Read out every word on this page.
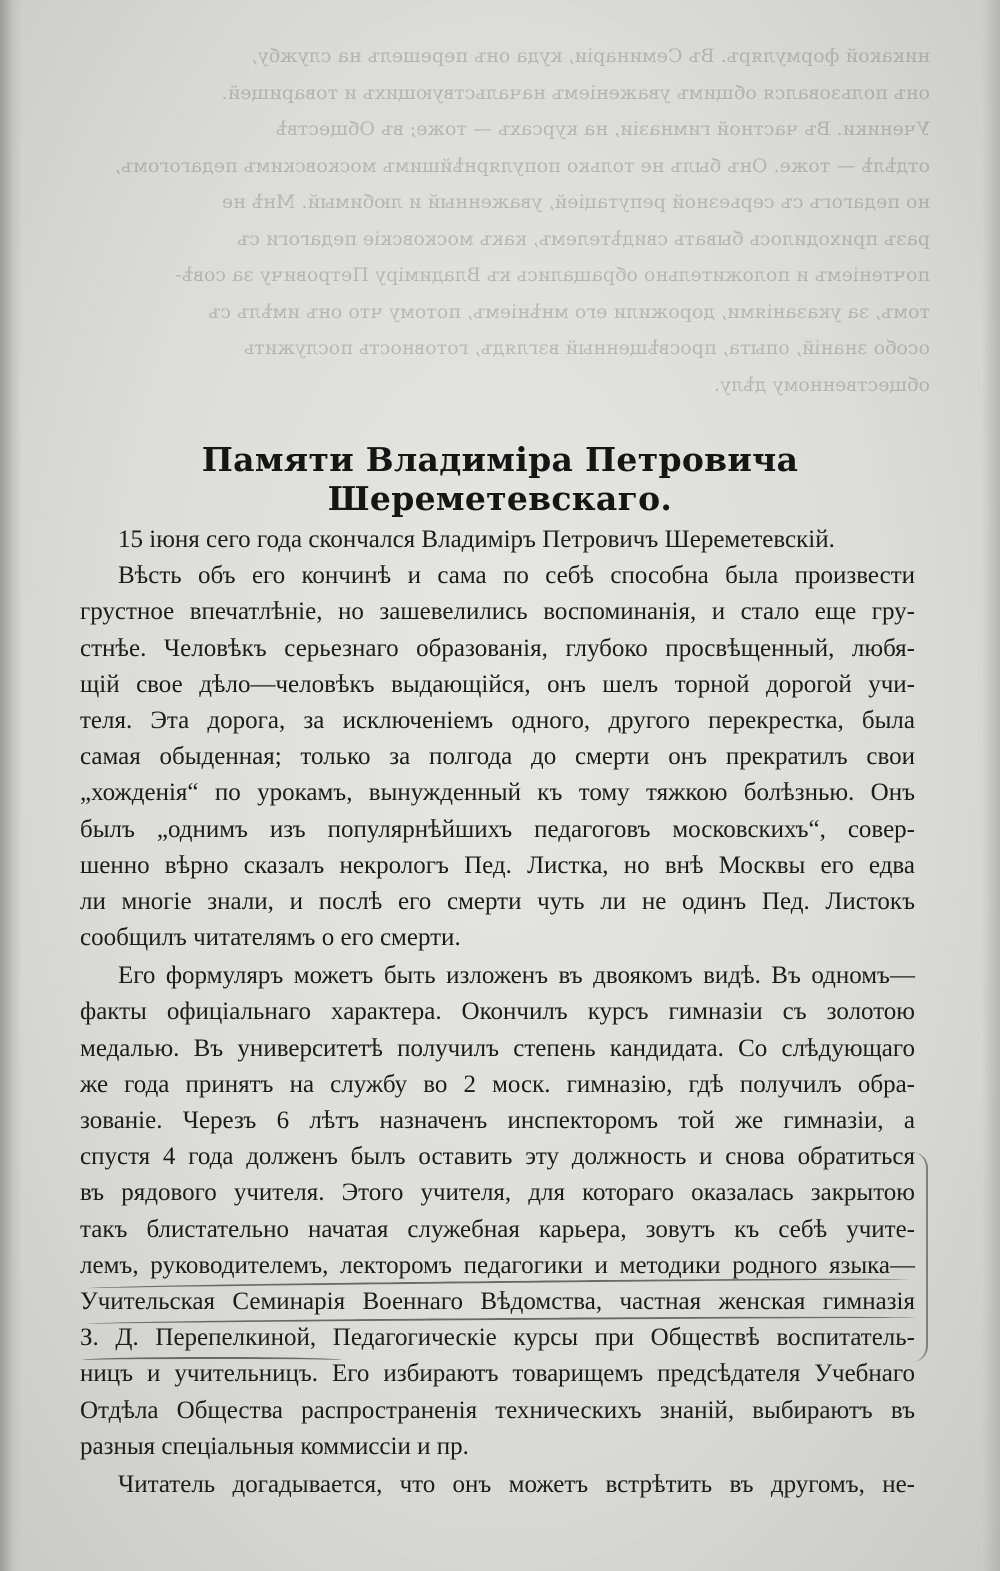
никакой формуляръ. Въ Семинаріи, куда онъ перешелъ на службу,
онъ пользовался общимъ уваженіемъ начальствующихъ и товарищей.
Ученики. Въ частной гимназіи, на курсахъ — тоже; въ Обществѣ
отдѣлѣ — тоже. Онъ былъ не только популярнѣйшимъ московскимъ педагогомъ,
но педагогъ съ серьезной репутаціей, уваженный и любимый. Мнѣ не
разъ приходилось бывать свидѣтелемъ, какъ московскіе педагоги съ
почтеніемъ и положительно обращались къ Владиміру Петровичу за совѣ-
томъ, за указаніями, дорожили его мнѣніемъ, потому что онъ имѣлъ съ
особо знаній, опыта, просвѣщенный взглядъ, готовность послужить
общественному дѣлу.
Памяти Владиміра Петровича Шереметевскаго.
15 іюня сего года скончался Владиміръ Петровичъ Шереметевскій.
Вѣсть объ его кончинѣ и сама по себѣ способна была произвести
грустное впечатлѣніе, но зашевелились воспоминанія, и стало еще гру-
стнѣе. Человѣкъ серьезнаго образованія, глубоко просвѣщенный, любя-
щій свое дѣло—человѣкъ выдающійся, онъ шелъ торной дорогой учи-
теля. Эта дорога, за исключеніемъ одного, другого перекрестка, была
самая обыденная; только за полгода до смерти онъ прекратилъ свои
„хожденія“ по урокамъ, вынужденный къ тому тяжкою болѣзнью. Онъ
былъ „однимъ изъ популярнѣйшихъ педагоговъ московскихъ“, совер-
шенно вѣрно сказалъ некрологъ Пед. Листка, но внѣ Москвы его едва
ли многіе знали, и послѣ его смерти чуть ли не одинъ Пед. Листокъ
сообщилъ читателямъ о его смерти.
Его формуляръ можетъ быть изложенъ въ двоякомъ видѣ. Въ одномъ—
факты офиціальнаго характера. Окончилъ курсъ гимназіи съ золотою
медалью. Въ университетѣ получилъ степень кандидата. Со слѣдующаго
же года принятъ на службу во 2 моск. гимназію, гдѣ получилъ обра-
зованіе. Черезъ 6 лѣтъ назначенъ инспекторомъ той же гимназіи, а
спустя 4 года долженъ былъ оставить эту должность и снова обратиться
въ рядового учителя. Этого учителя, для котораго оказалась закрытою
такъ блистательно начатая служебная карьера, зовутъ къ себѣ учите-
лемъ, руководителемъ, лекторомъ педагогики и методики родного языка—
Учительская Семинарія Военнаго Вѣдомства, частная женская гимназія
З. Д. Перепелкиной, Педагогическіе курсы при Обществѣ воспитатель-
ницъ и учительницъ. Его избираютъ товарищемъ предсѣдателя Учебнаго
Отдѣла Общества распространенія техническихъ знаній, выбираютъ въ
разныя спеціальныя коммиссіи и пр.
Читатель догадывается, что онъ можетъ встрѣтить въ другомъ, не-
